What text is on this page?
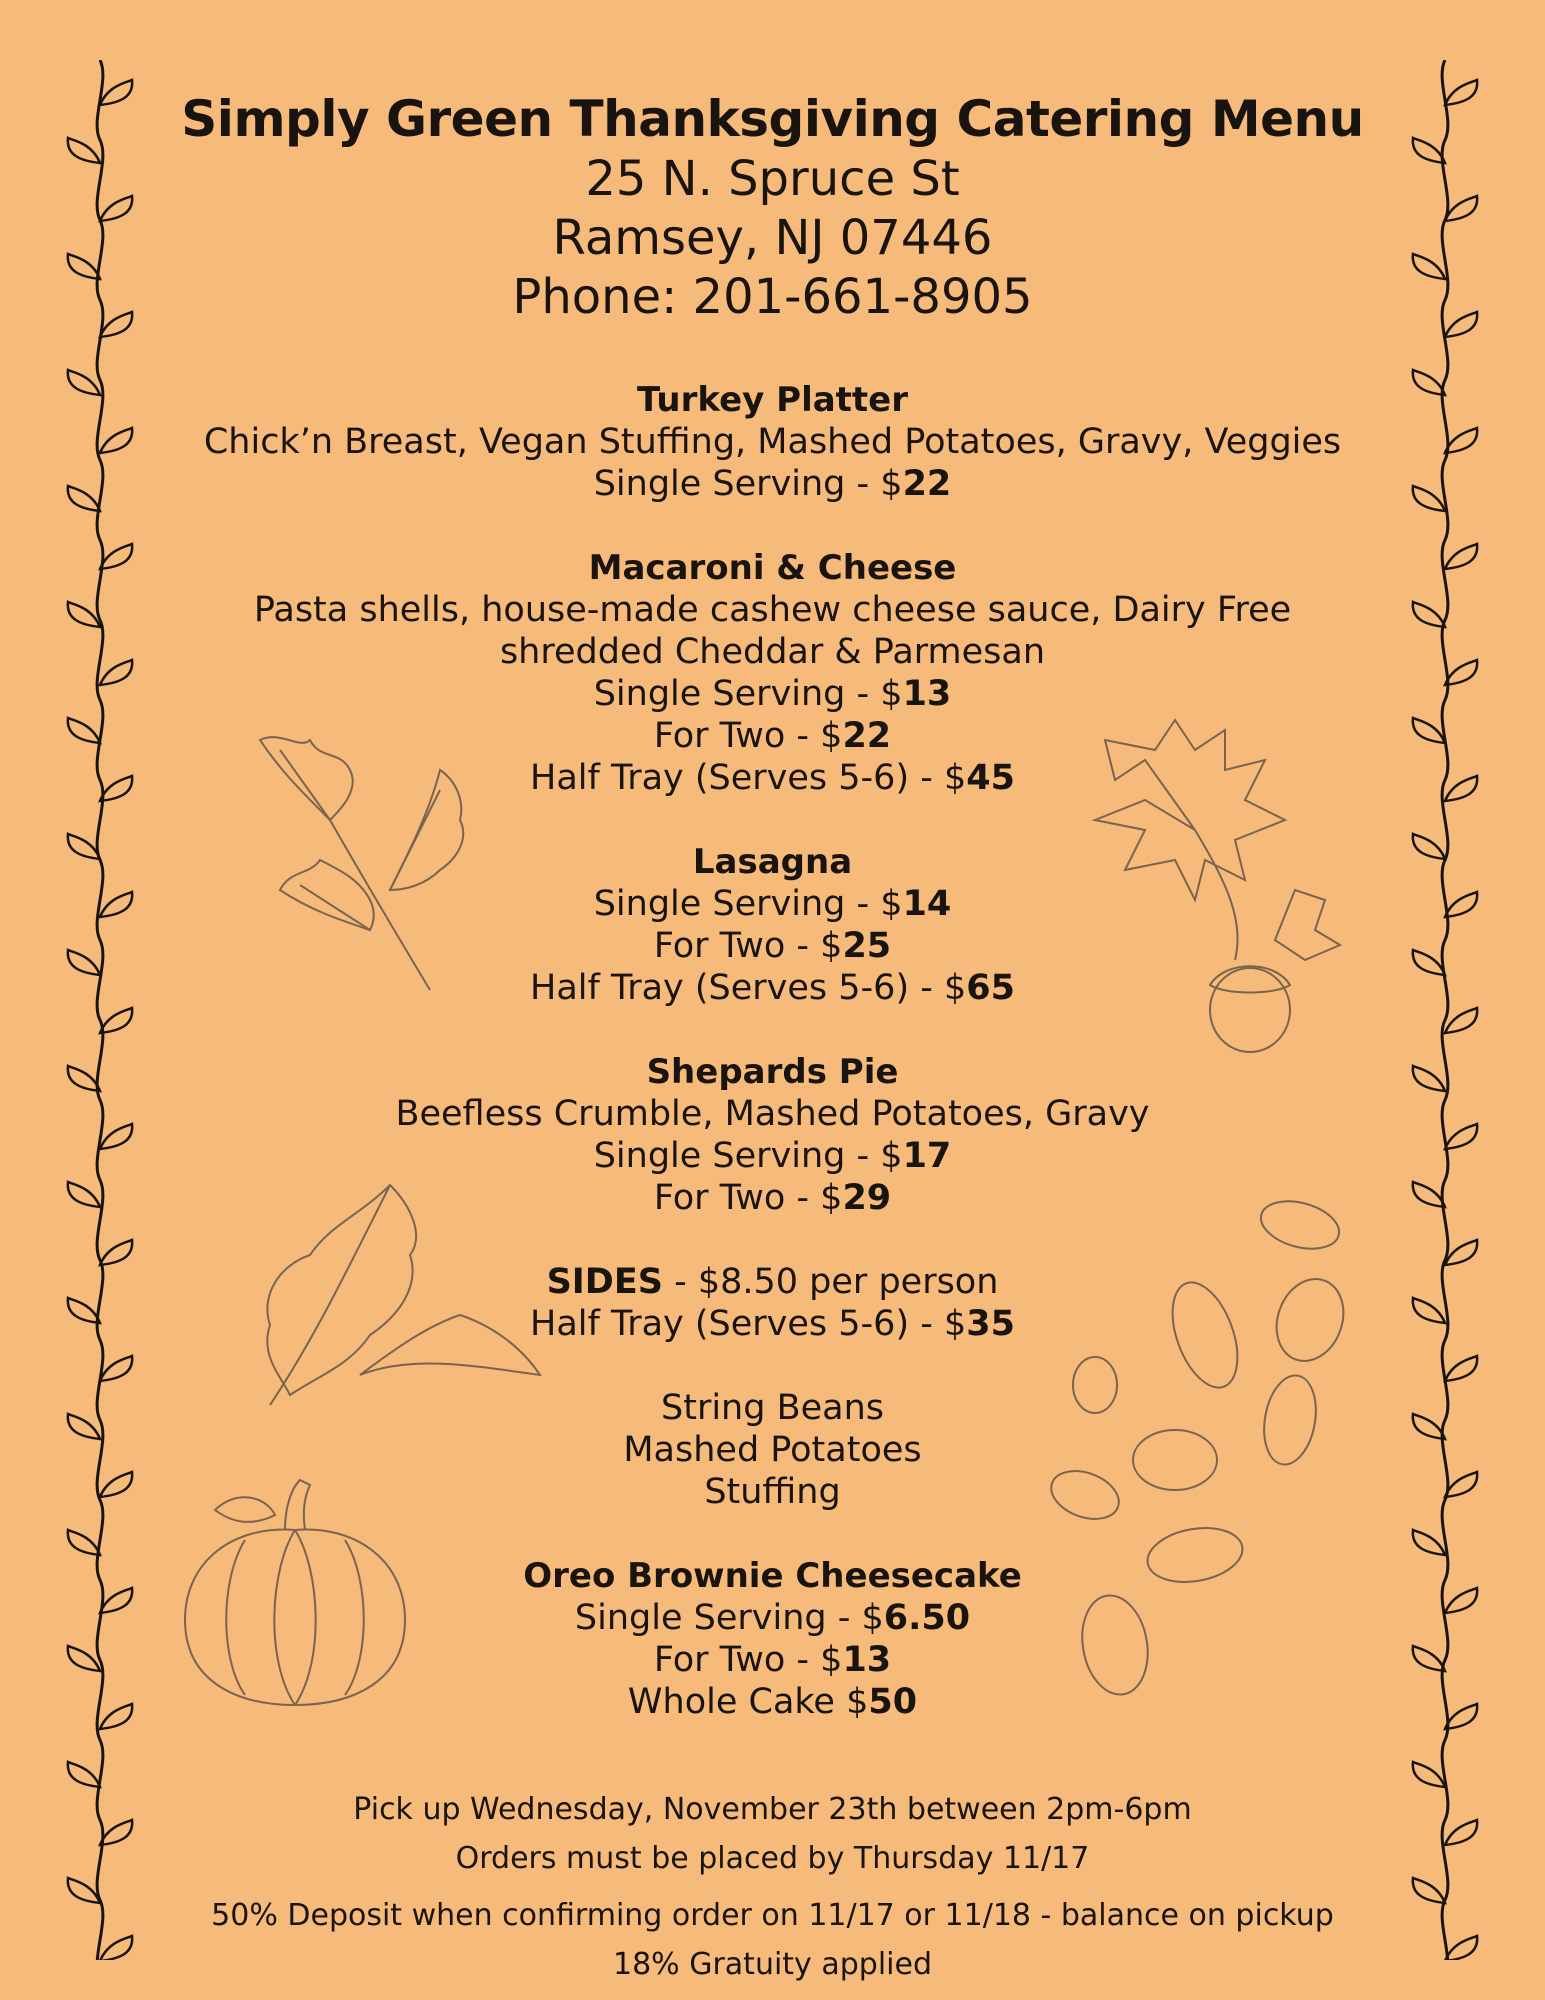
Simply Green Thanksgiving Catering Menu
25 N. Spruce St
Ramsey, NJ 07446
Phone: 201-661-8905
Turkey Platter
Chick’n Breast, Vegan Stuffing, Mashed Potatoes, Gravy, Veggies
Single Serving - $22
Macaroni & Cheese
Pasta shells, house-made cashew cheese sauce, Dairy Free
shredded Cheddar & Parmesan
Single Serving - $13
For Two - $22
Half Tray (Serves 5-6) - $45
Lasagna
Single Serving - $14
For Two - $25
Half Tray (Serves 5-6) - $65
Shepards Pie
Beefless Crumble, Mashed Potatoes, Gravy
Single Serving - $17
For Two - $29
SIDES - $8.50 per person
Half Tray (Serves 5-6) - $35
String Beans
Mashed Potatoes
Stuffing
Oreo Brownie Cheesecake
Single Serving - $6.50
For Two - $13
Whole Cake $50
Pick up Wednesday, November 23th between 2pm-6pm
Orders must be placed by Thursday 11/17
50% Deposit when confirming order on 11/17 or 11/18 - balance on pickup
18% Gratuity applied
